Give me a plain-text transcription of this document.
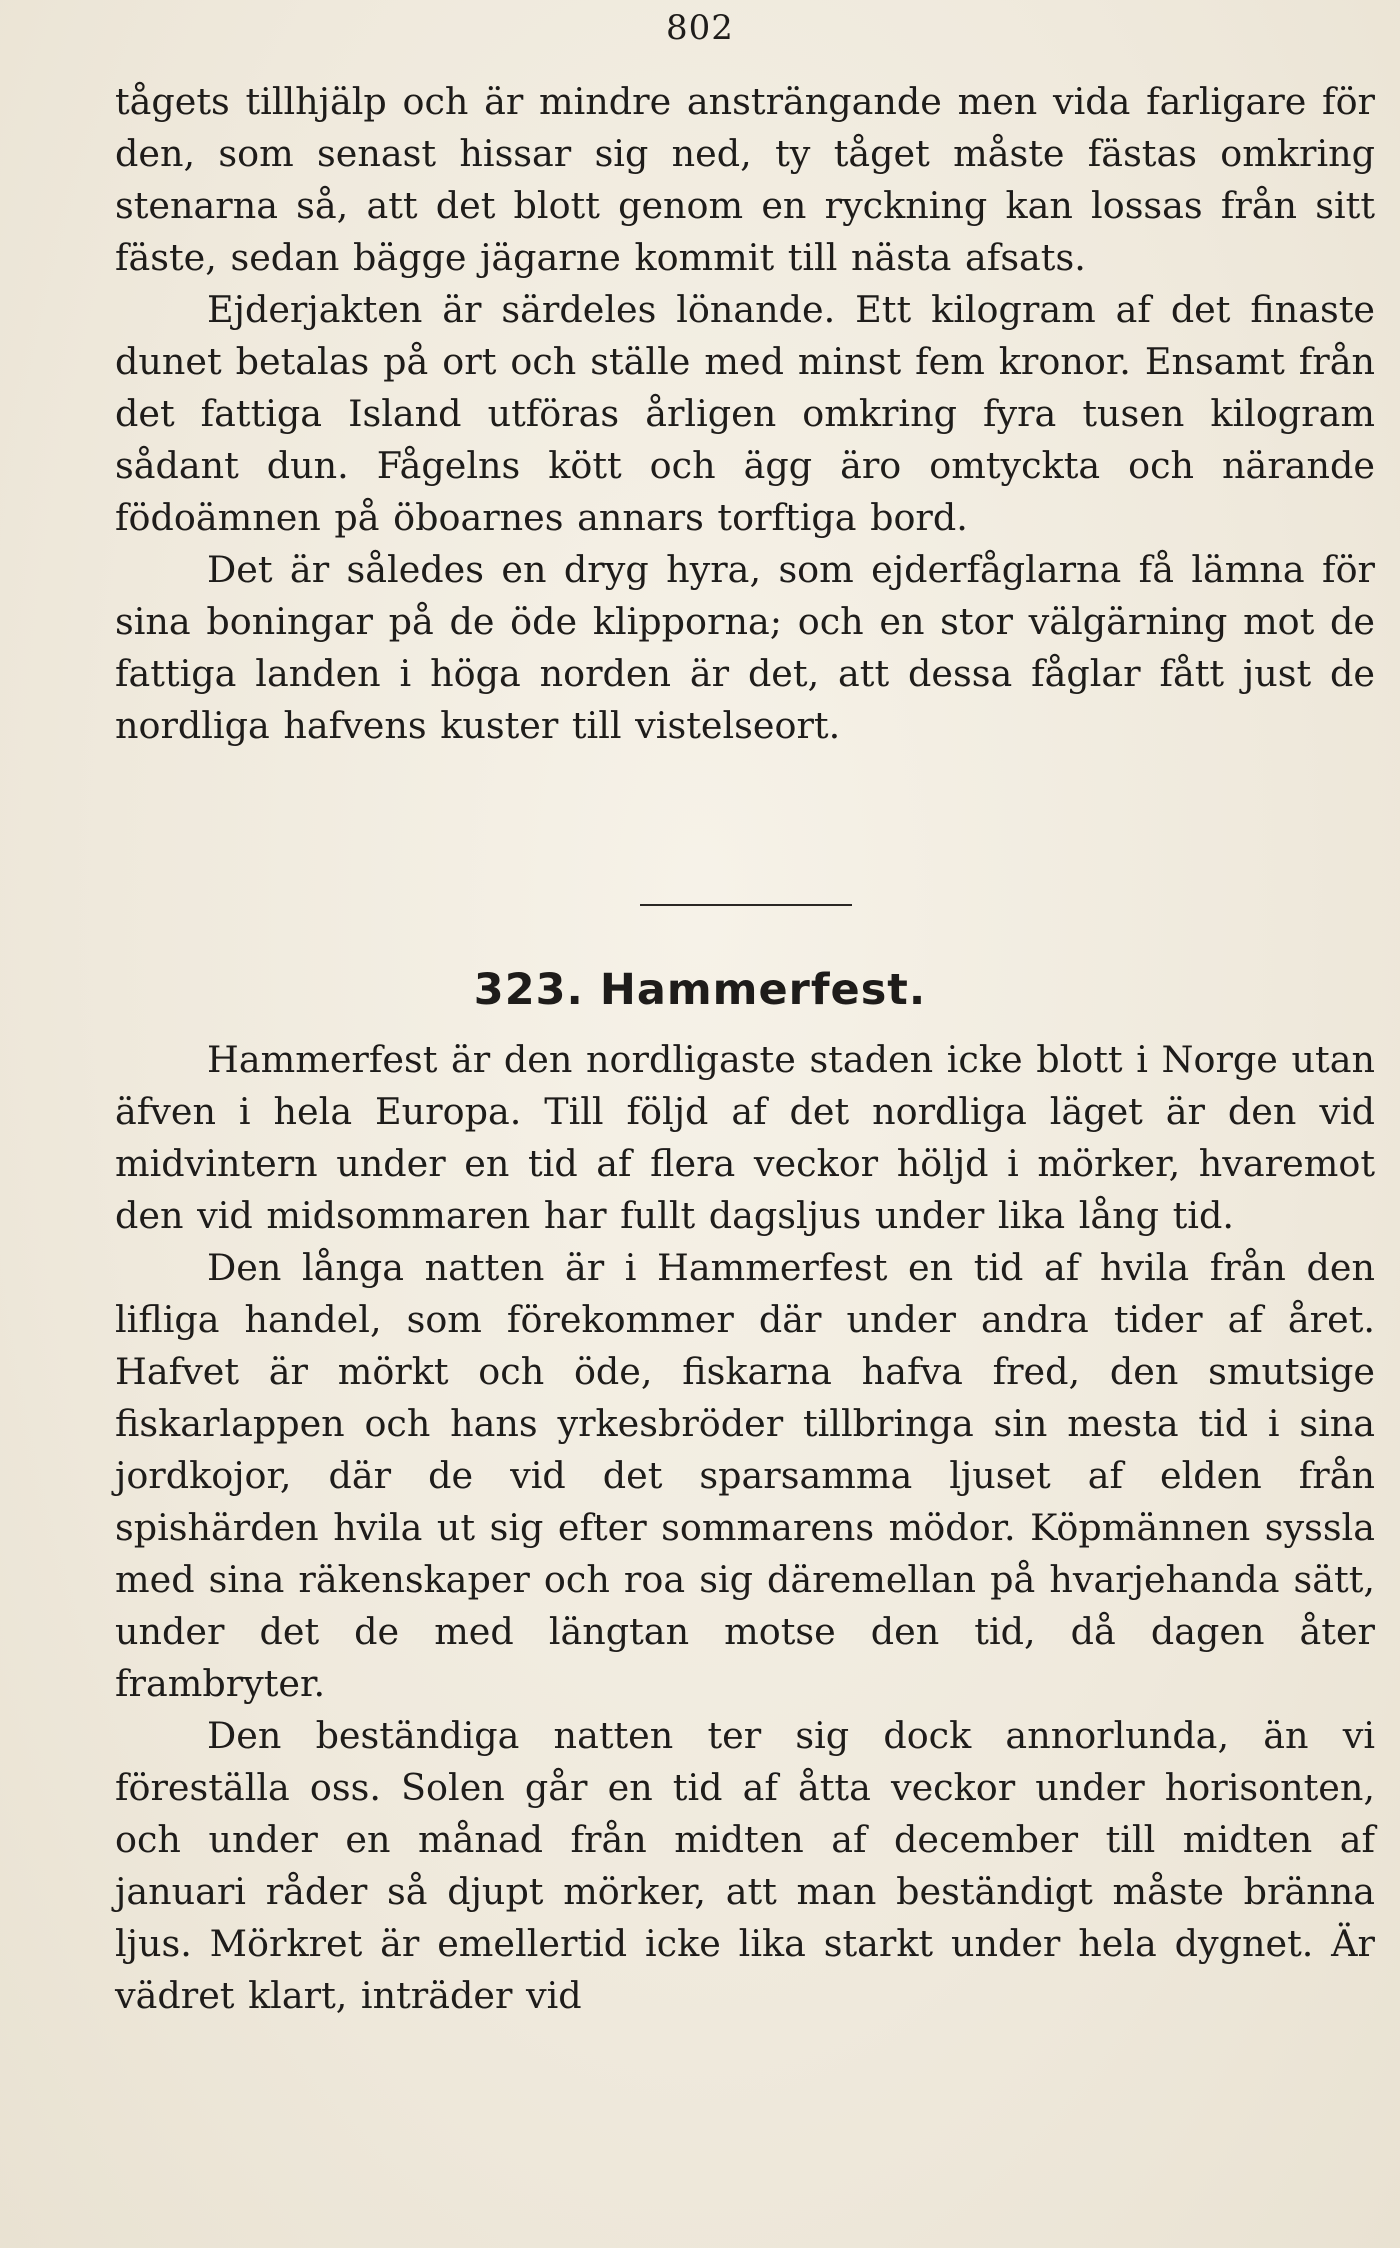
802

tågets tillhjälp och är mindre ansträngande men vida farligare för den, som senast hissar sig ned, ty tåget måste fästas omkring stenarna så, att det blott genom en ryckning kan lossas från sitt fäste, sedan bägge jägarne kommit till nästa afsats.

Ejderjakten är särdeles lönande. Ett kilogram af det finaste dunet betalas på ort och ställe med minst fem kronor. Ensamt från det fattiga Island utföras årligen omkring fyra tusen kilogram sådant dun. Fågelns kött och ägg äro omtyckta och närande födoämnen på öboarnes annars torftiga bord.

Det är således en dryg hyra, som ejderfåglarna få lämna för sina boningar på de öde klipporna; och en stor välgärning mot de fattiga landen i höga norden är det, att dessa fåglar fått just de nordliga hafvens kuster till vistelseort.

323. Hammerfest.

Hammerfest är den nordligaste staden icke blott i Norge utan äfven i hela Europa. Till följd af det nordliga läget är den vid midvintern under en tid af flera veckor höljd i mörker, hvaremot den vid midsommaren har fullt dagsljus under lika lång tid.

Den långa natten är i Hammerfest en tid af hvila från den lifliga handel, som förekommer där under andra tider af året. Hafvet är mörkt och öde, fiskarna hafva fred, den smutsige fiskarlappen och hans yrkesbröder tillbringa sin mesta tid i sina jordkojor, där de vid det sparsamma ljuset af elden från spishärden hvila ut sig efter sommarens mödor. Köpmännen syssla med sina räkenskaper och roa sig däremellan på hvarjehanda sätt, under det de med längtan motse den tid, då dagen åter frambryter.

Den beständiga natten ter sig dock annorlunda, än vi föreställa oss. Solen går en tid af åtta veckor under horisonten, och under en månad från midten af december till midten af januari råder så djupt mörker, att man beständigt måste bränna ljus. Mörkret är emellertid icke lika starkt under hela dygnet. Är vädret klart, inträder vid
